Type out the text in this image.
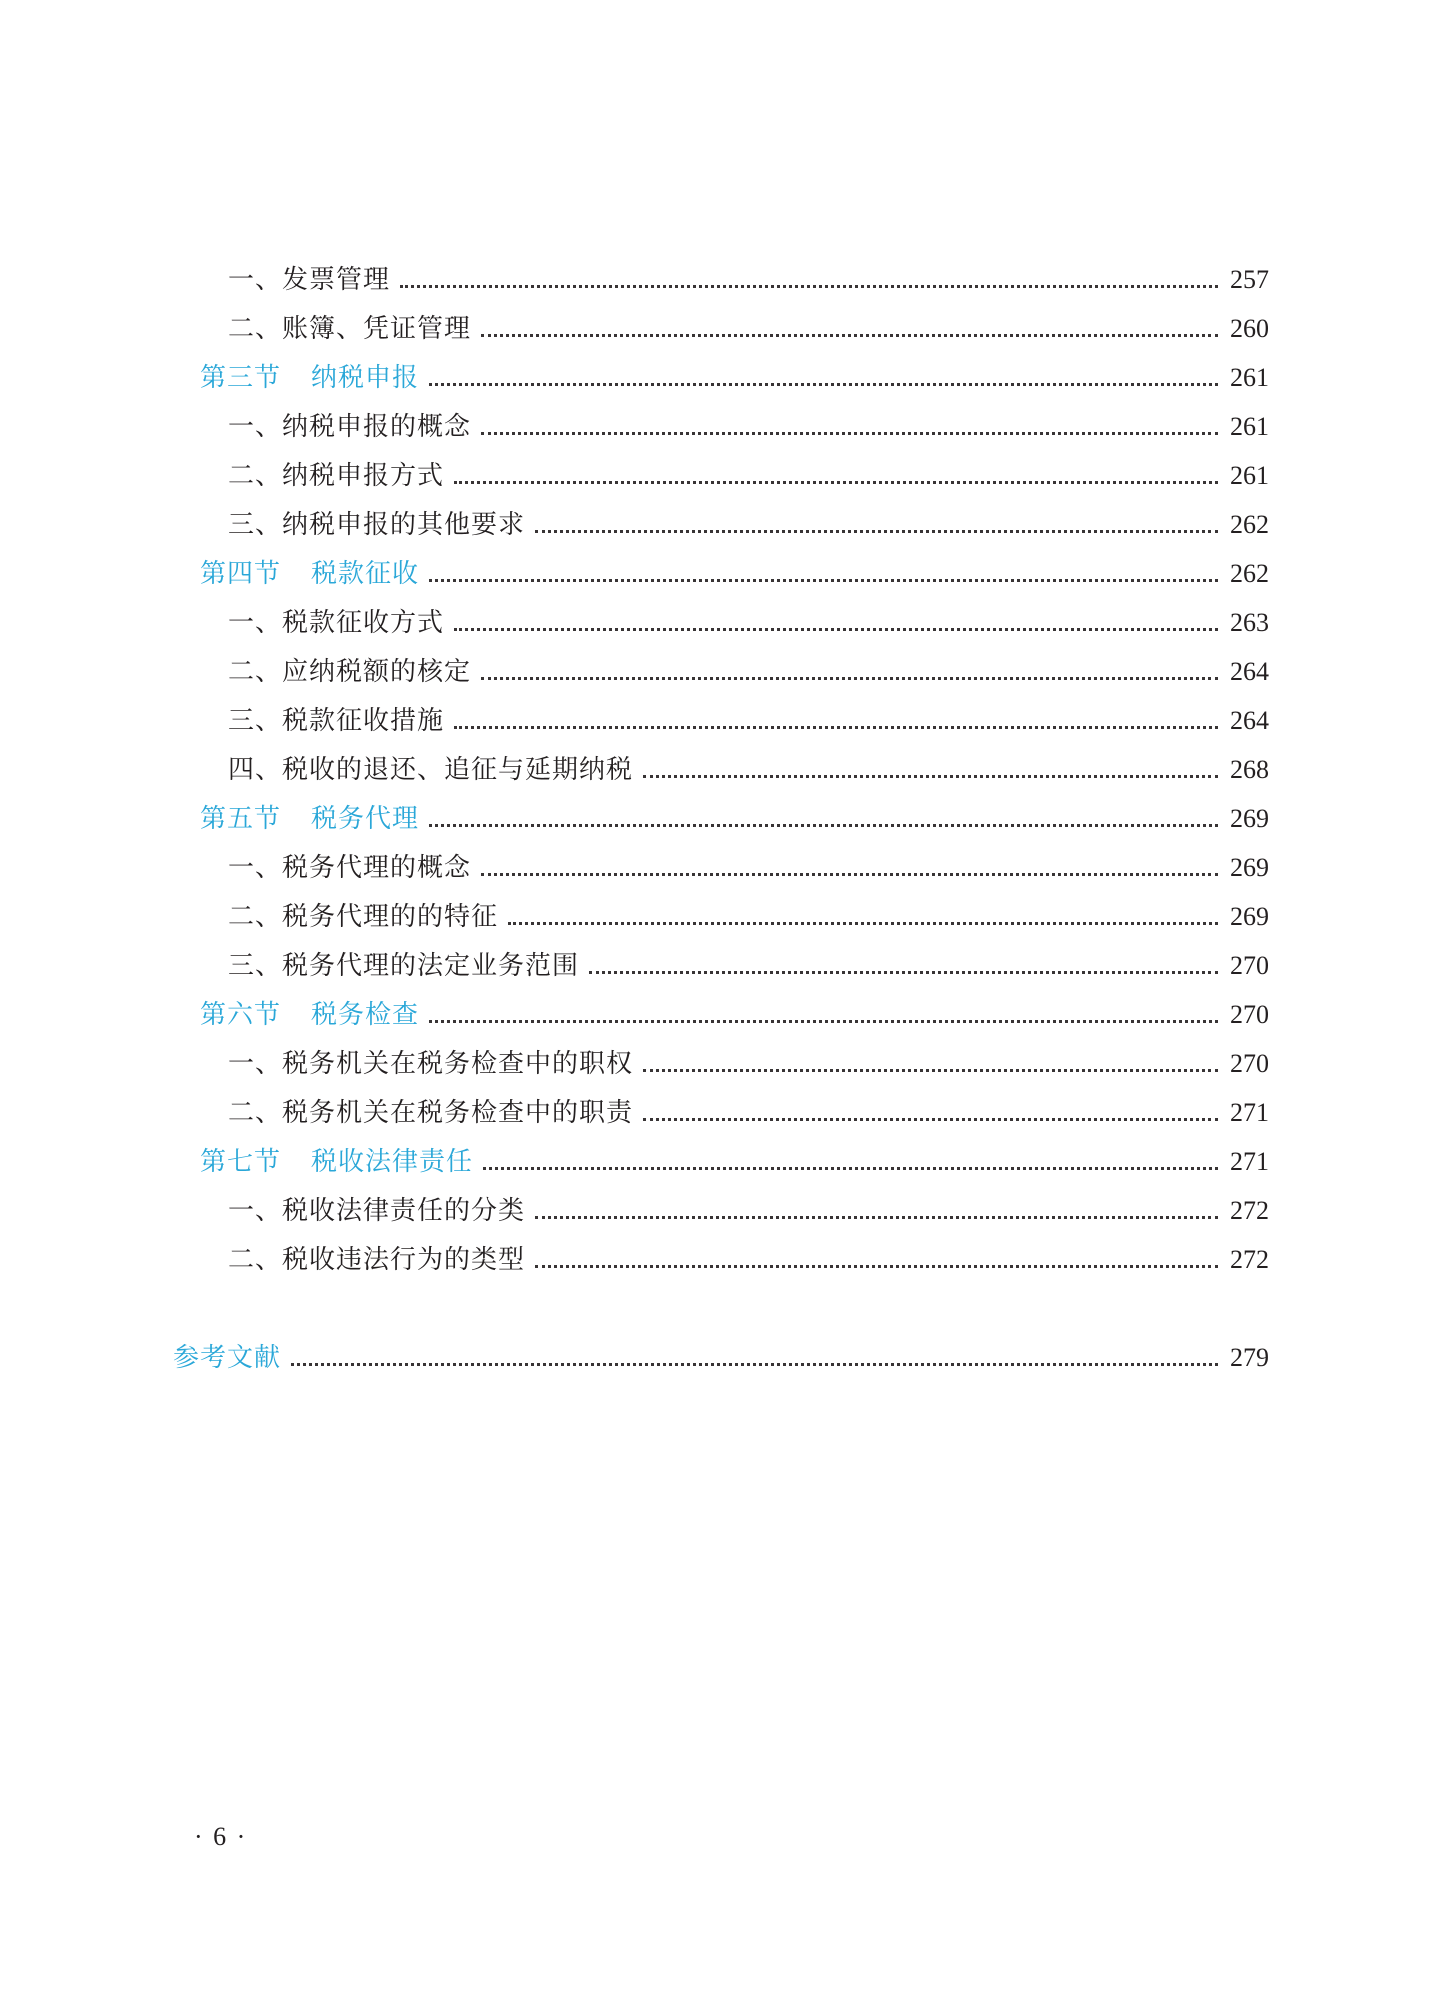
一、发票管理	257
二、账簿、凭证管理	260
第三节 纳税申报	261
一、纳税申报的概念	261
二、纳税申报方式	261
三、纳税申报的其他要求	262
第四节 税款征收	262
一、税款征收方式	263
二、应纳税额的核定	264
三、税款征收措施	264
四、税收的退还、追征与延期纳税	268
第五节 税务代理	269
一、税务代理的概念	269
二、税务代理的的特征	269
三、税务代理的法定业务范围	270
第六节 税务检查	270
一、税务机关在税务检查中的职权	270
二、税务机关在税务检查中的职责	271
第七节 税收法律责任	271
一、税收法律责任的分类	272
二、税收违法行为的类型	272
参考文献	279
· 6 ·
